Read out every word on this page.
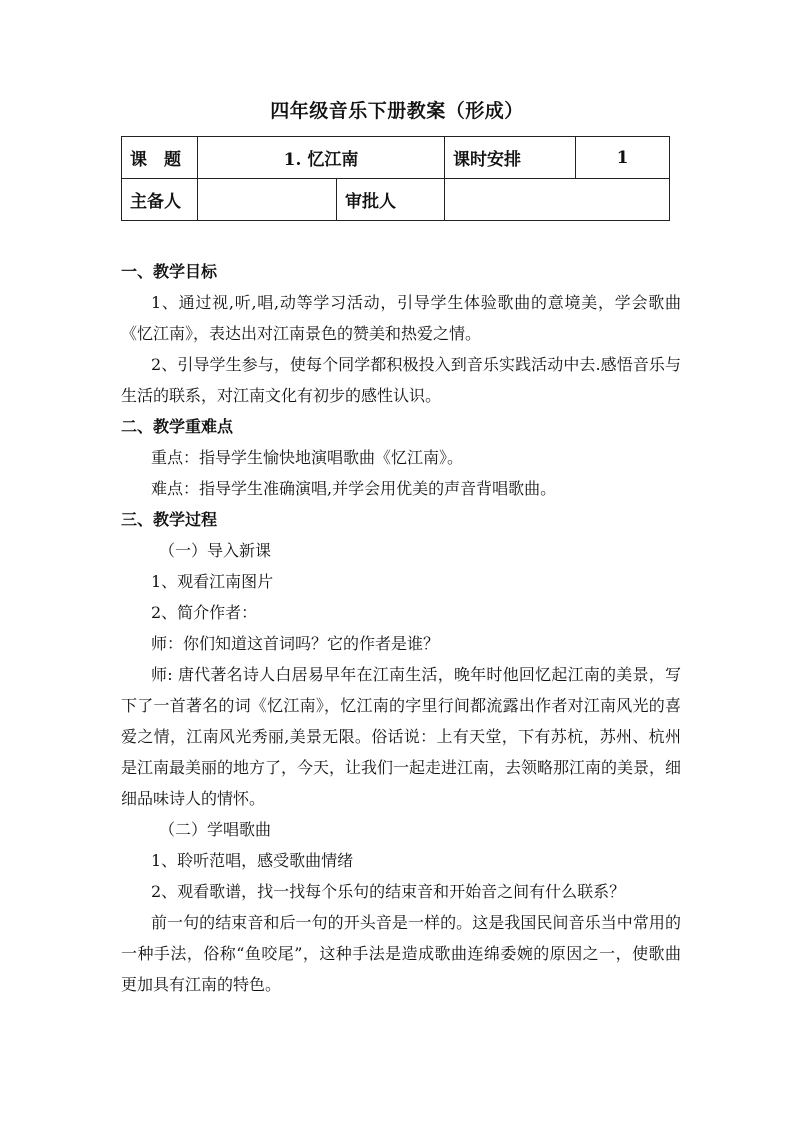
四年级音乐下册教案（形成）
课　题	1. 忆江南		课时安排	1
主备人		审批人		

一、教学目标

1、通过视,听,唱,动等学习活动，引导学生体验歌曲的意境美，学会歌曲《忆江南》，表达出对江南景色的赞美和热爱之情。

2、引导学生参与，使每个同学都积极投入到音乐实践活动中去.感悟音乐与生活的联系，对江南文化有初步的感性认识。

二、教学重难点

重点：指导学生愉快地演唱歌曲《忆江南》。

难点：指导学生准确演唱,并学会用优美的声音背唱歌曲。

三、教学过程

（一）导入新课

1、观看江南图片

2、简介作者：

师：你们知道这首词吗？它的作者是谁？

师: 唐代著名诗人白居易早年在江南生活，晚年时他回忆起江南的美景，写下了一首著名的词《忆江南》，忆江南的字里行间都流露出作者对江南风光的喜爱之情，江南风光秀丽,美景无限。俗话说：上有天堂，下有苏杭，苏州、杭州是江南最美丽的地方了，今天，让我们一起走进江南，去领略那江南的美景，细细品味诗人的情怀。

（二）学唱歌曲

1、聆听范唱，感受歌曲情绪

2、观看歌谱，找一找每个乐句的结束音和开始音之间有什么联系？

前一句的结束音和后一句的开头音是一样的。这是我国民间音乐当中常用的一种手法，俗称“鱼咬尾”，这种手法是造成歌曲连绵委婉的原因之一，使歌曲更加具有江南的特色。
